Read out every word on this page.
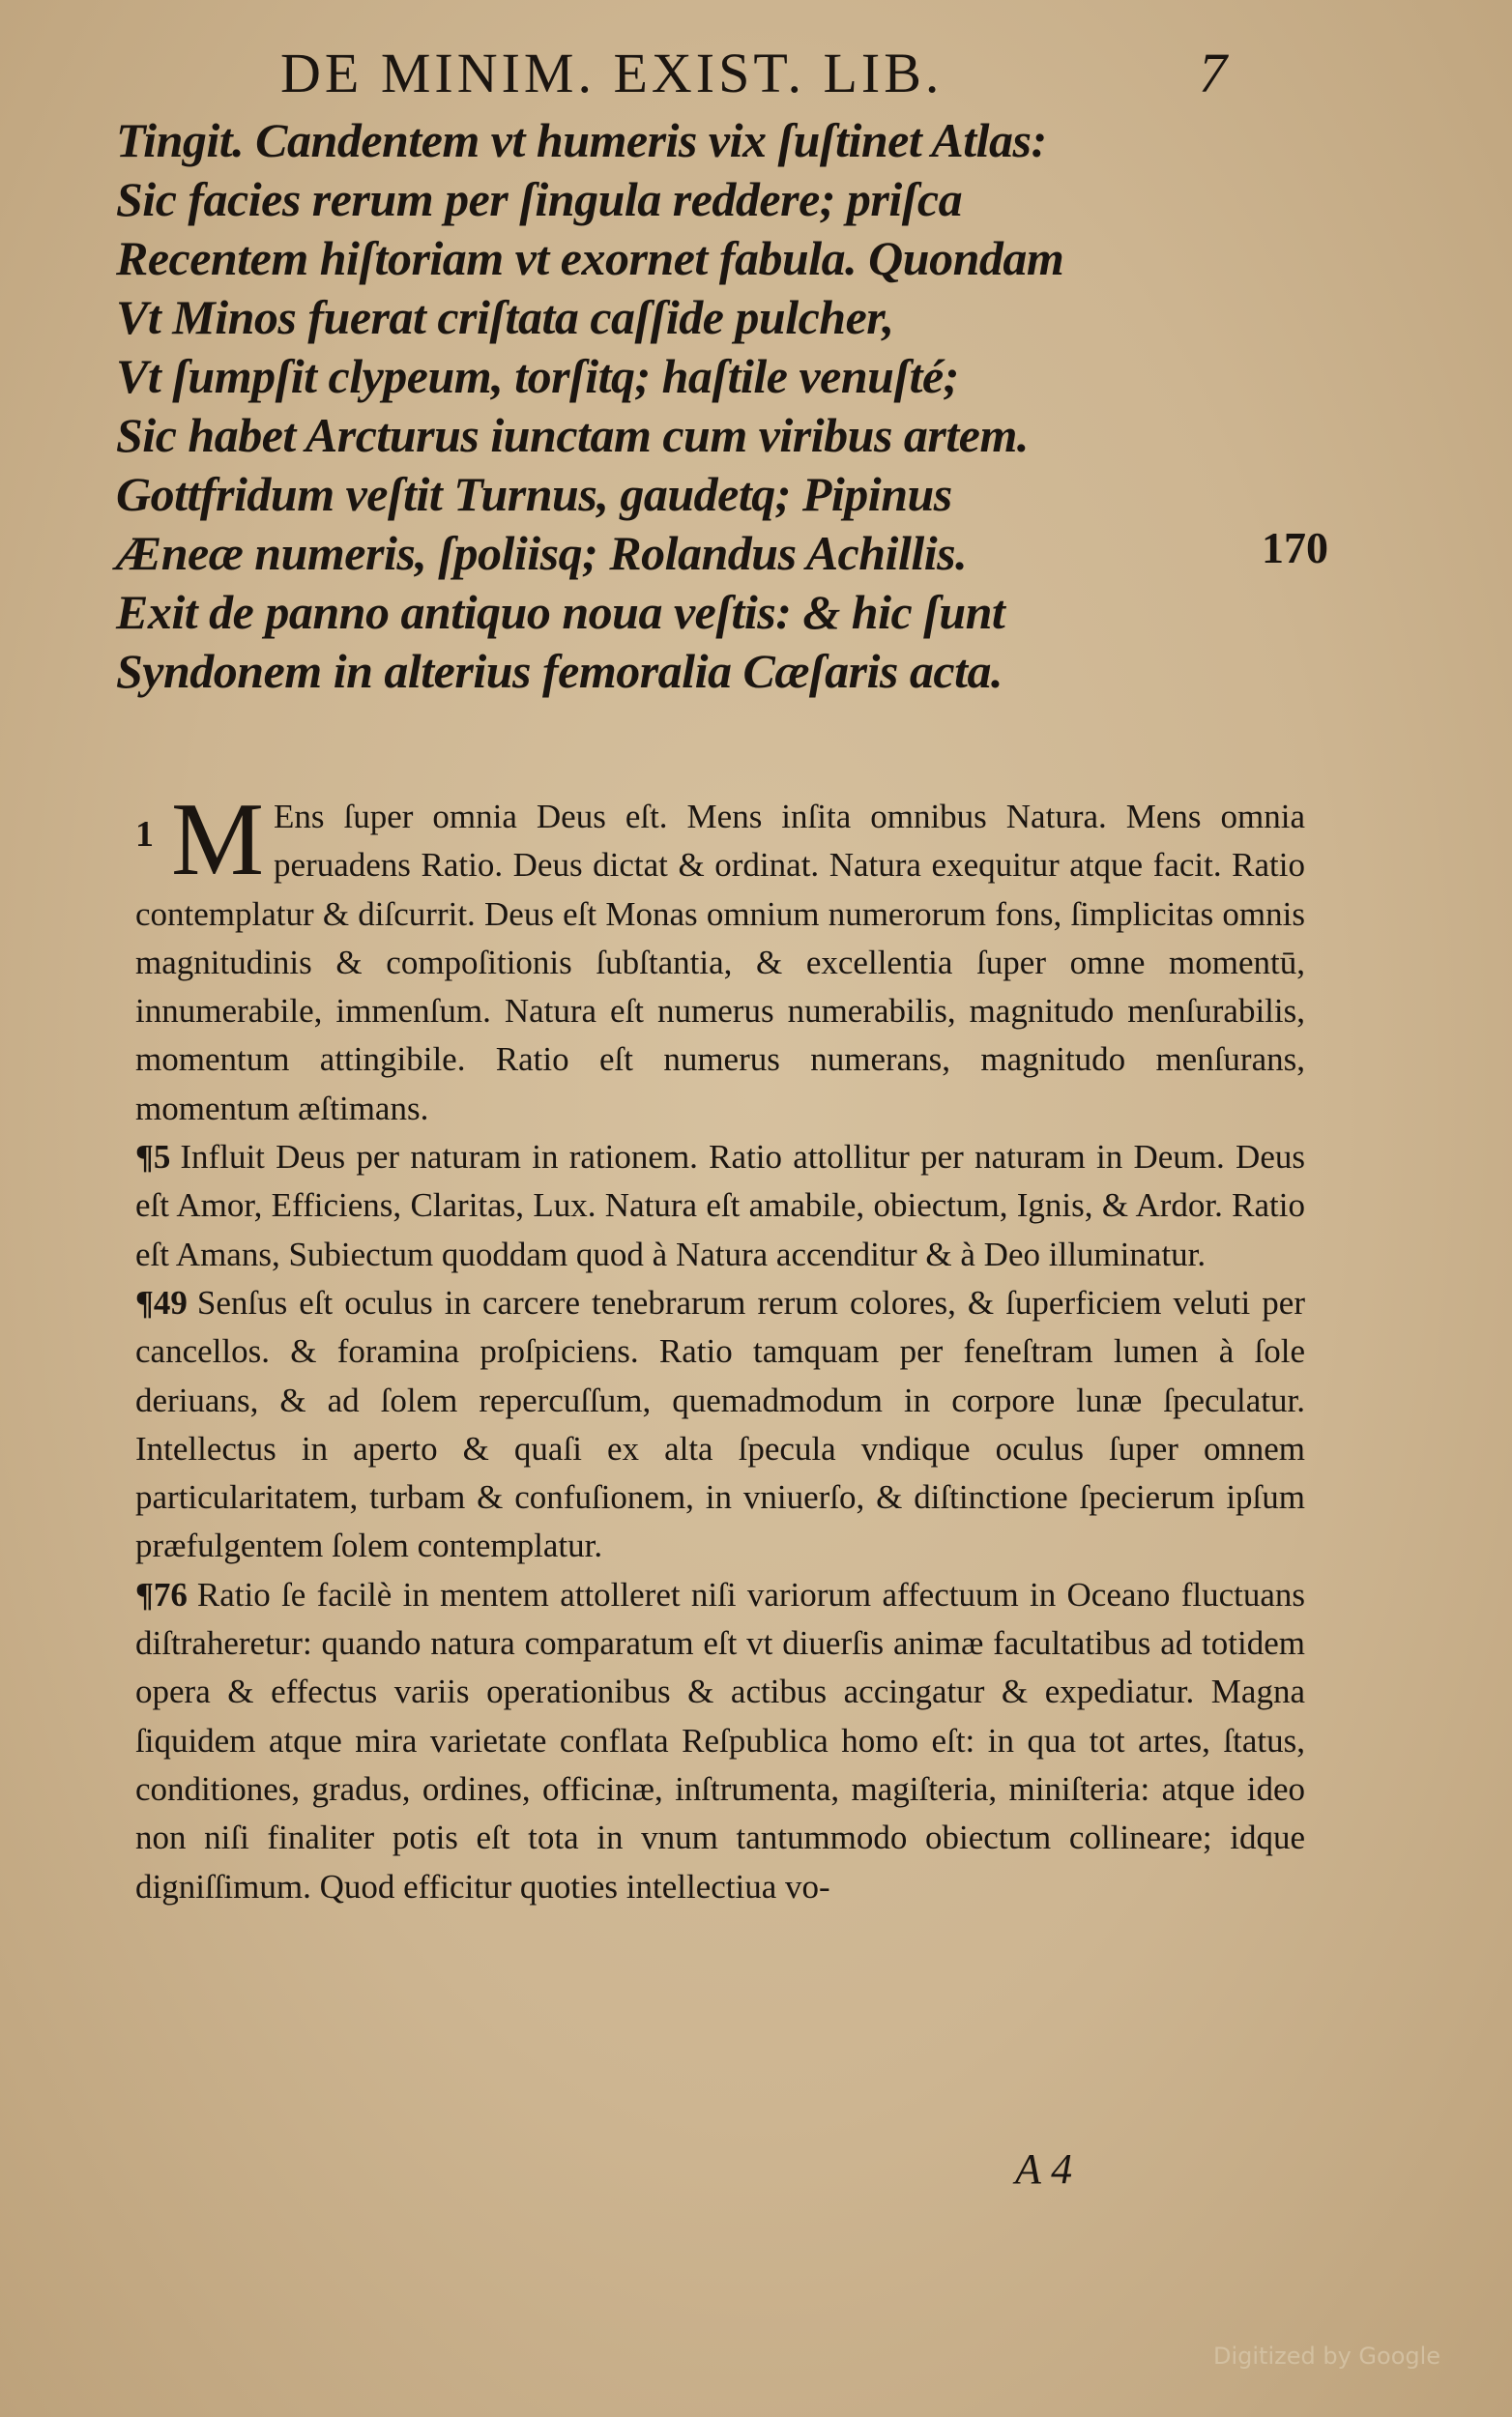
DE MINIM. EXIST. LIB.	7
Tingit. Candentem vt humeris vix ſuſtinet Atlas:
Sic facies rerum per ſingula reddere; priſca
Recentem hiſtoriam vt exornet fabula. Quondam
Vt Minos fuerat criſtata caſſide pulcher,
Vt ſumpſit clypeum, torſitq; haſtile venuſté;
Sic habet Arcturus iunctam cum viribus artem.
Gottfridum veſtit Turnus, gaudetq; Pipinus
Æneæ numeris, ſpoliisq; Rolandus Achillis.
Exit de panno antiquo noua veſtis: & hic ſunt
Syndonem in alterius femoralia Cæſaris acta.
170
1 M Ens ſuper omnia Deus eſt. Mens inſita omnibus Natura. Mens omnia peruadens Ratio. Deus dictat & ordinat. Natura exequitur atque facit. Ratio contemplatur & diſcurrit. Deus eſt Monas omnium numerorum fons, ſimplicitas omnis magnitudinis & compoſitionis ſubſtantia, & excellentia ſuper omne momentū, innumerabile, immenſum. Natura eſt numerus numerabilis, magnitudo menſurabilis, momentum attingibile. Ratio eſt numerus numerans, magnitudo menſurans, momentum æſtimans.
¶5 Influit Deus per naturam in rationem. Ratio attollitur per naturam in Deum. Deus eſt Amor, Efficiens, Claritas, Lux. Natura eſt amabile, obiectum, Ignis, & Ardor. Ratio eſt Amans, Subiectum quoddam quod à Natura accenditur & à Deo illuminatur.
¶49 Senſus eſt oculus in carcere tenebrarum rerum colores, & ſuperficiem veluti per cancellos. & foramina proſpiciens. Ratio tamquam per feneſtram lumen à ſole deriuans, & ad ſolem repercuſſum, quemadmodum in corpore lunæ ſpeculatur. Intellectus in aperto & quaſi ex alta ſpecula vndique oculus ſuper omnem particularitatem, turbam & confuſionem, in vniuerſo, & diſtinctione ſpecierum ipſum præfulgentem ſolem contemplatur.
¶76 Ratio ſe facilè in mentem attolleret niſi variorum affectuum in Oceano fluctuans diſtraheretur: quando natura comparatum eſt vt diuerſis animæ facultatibus ad totidem opera & effectus variis operationibus & actibus accingatur & expediatur. Magna ſiquidem atque mira varietate conflata Reſpublica homo eſt: in qua tot artes, ſtatus, conditiones, gradus, ordines, officinæ, inſtrumenta, magiſteria, miniſteria: atque ideo non niſi finaliter potis eſt tota in vnum tantummodo obiectum collineare; idque digniſſimum. Quod efficitur quoties intellectiua vo-
A 4
Digitized by Google
